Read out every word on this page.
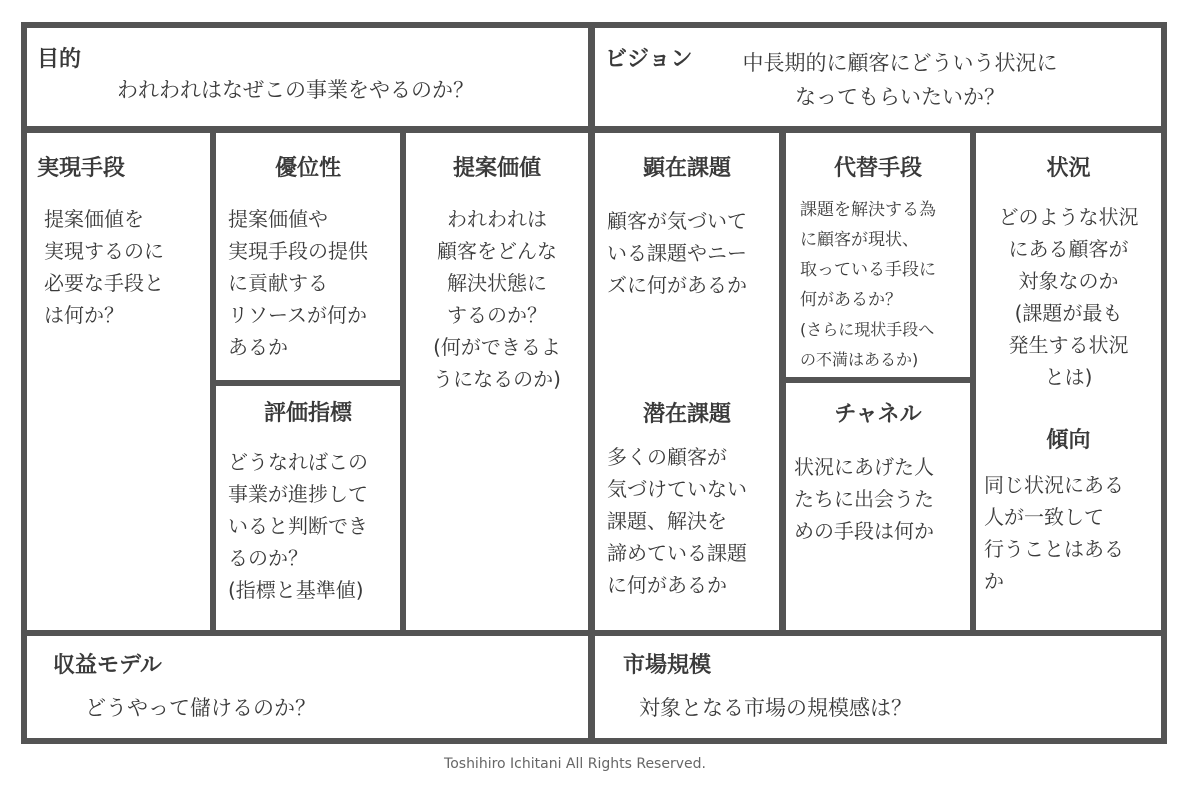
目的
われわれはなぜこの事業をやるのか？
ビジョン	中長期的に顧客にどういう状況に
なってもらいたいか？
実現手段
提案価値を
実現するのに
必要な手段と
は何か？
優位性
提案価値や
実現手段の提供
に貢献する
リソースが何か
あるか
評価指標
どうなればこの
事業が進捗して
いると判断でき
るのか？
(指標と基準値)
提案価値
われわれは
顧客をどんな
解決状態に
するのか？
(何ができるよ
うになるのか)
顕在課題
顧客が気づいて
いる課題やニー
ズに何があるか
潜在課題
多くの顧客が
気づけていない
課題、解決を
諦めている課題
に何があるか
代替手段
課題を解決する為
に顧客が現状、
取っている手段に
何があるか？
(さらに現状手段へ
の不満はあるか)
チャネル
状況にあげた人
たちに出会うた
めの手段は何か
状況
どのような状況
にある顧客が
対象なのか
(課題が最も
発生する状況
とは)
傾向
同じ状況にある
人が一致して
行うことはある
か
収益モデル
どうやって儲けるのか？
市場規模
対象となる市場の規模感は？
Toshihiro Ichitani All Rights Reserved.
